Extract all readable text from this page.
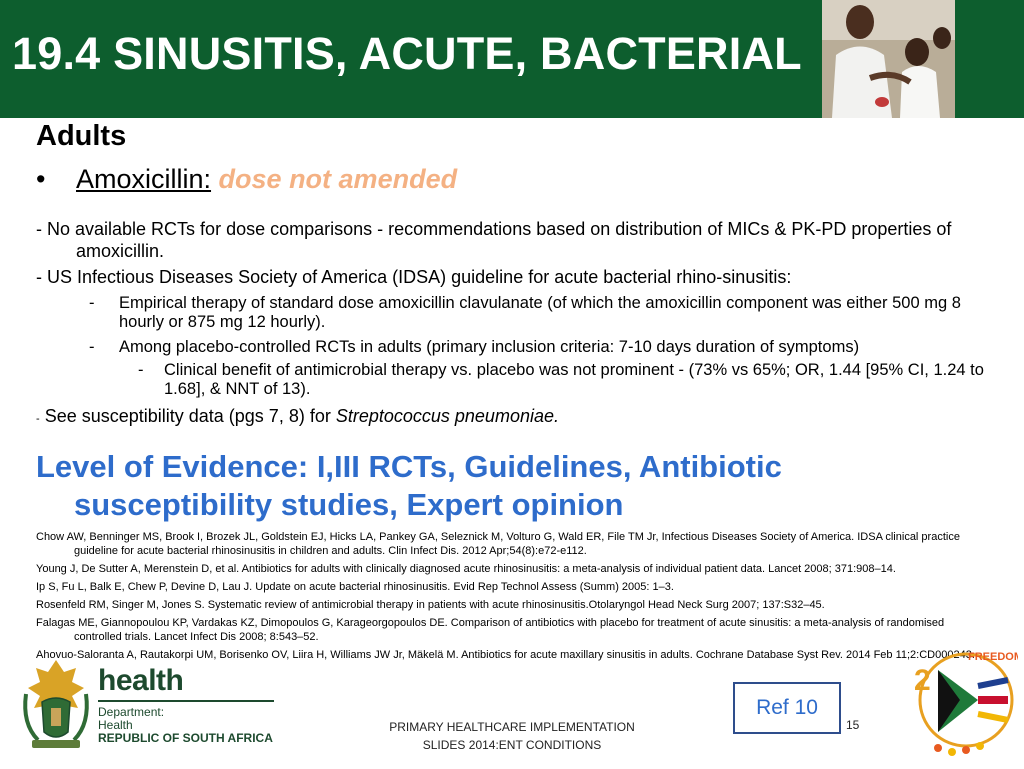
19.4 SINUSITIS, ACUTE, BACTERIAL
Adults
• Amoxicillin: dose not amended
- No available RCTs for dose comparisons - recommendations based on distribution of MICs & PK-PD properties of amoxicillin.
- US Infectious Diseases Society of America (IDSA) guideline for acute bacterial rhino-sinusitis:
- Empirical therapy of standard dose amoxicillin clavulanate (of which the amoxicillin component was either 500 mg 8 hourly or 875 mg 12 hourly).
- Among placebo-controlled RCTs in adults (primary inclusion criteria: 7-10 days duration of symptoms)
- Clinical benefit of antimicrobial therapy vs. placebo was not prominent - (73% vs 65%; OR, 1.44 [95% CI, 1.24 to 1.68], & NNT of 13).
- See susceptibility data (pgs 7, 8) for Streptococcus pneumoniae.
Level of Evidence: I,III RCTs, Guidelines, Antibiotic
susceptibility studies, Expert opinion
Chow AW, Benninger MS, Brook I, Brozek JL, Goldstein EJ, Hicks LA, Pankey GA, Seleznick M, Volturo G, Wald ER, File TM Jr, Infectious Diseases Society of America. IDSA clinical practice guideline for acute bacterial rhinosinusitis in children and adults. Clin Infect Dis. 2012 Apr;54(8):e72-e112.
Young J, De Sutter A, Merenstein D, et al. Antibiotics for adults with clinically diagnosed acute rhinosinusitis: a meta-analysis of individual patient data. Lancet 2008; 371:908–14.
Ip S, Fu L, Balk E, Chew P, Devine D, Lau J. Update on acute bacterial rhinosinusitis. Evid Rep Technol Assess (Summ) 2005: 1–3.
Rosenfeld RM, Singer M, Jones S. Systematic review of antimicrobial therapy in patients with acute rhinosinusitis.Otolaryngol Head Neck Surg 2007; 137:S32–45.
Falagas ME, Giannopoulou KP, Vardakas KZ, Dimopoulos G, Karageorgopoulos DE. Comparison of antibiotics with placebo for treatment of acute sinusitis: a meta-analysis of randomised controlled trials. Lancet Infect Dis 2008; 8:543–52.
Ahovuo-Saloranta A, Rautakorpi UM, Borisenko OV, Liira H, Williams JW Jr, Mäkelä M. Antibiotics for acute maxillary sinusitis in adults. Cochrane Database Syst Rev. 2014 Feb 11;2:CD000243.
health
Department:
Health
REPUBLIC OF SOUTH AFRICA
PRIMARY HEALTHCARE IMPLEMENTATION
SLIDES 2014:ENT CONDITIONS
Ref 10
15
2
FREEDOM
